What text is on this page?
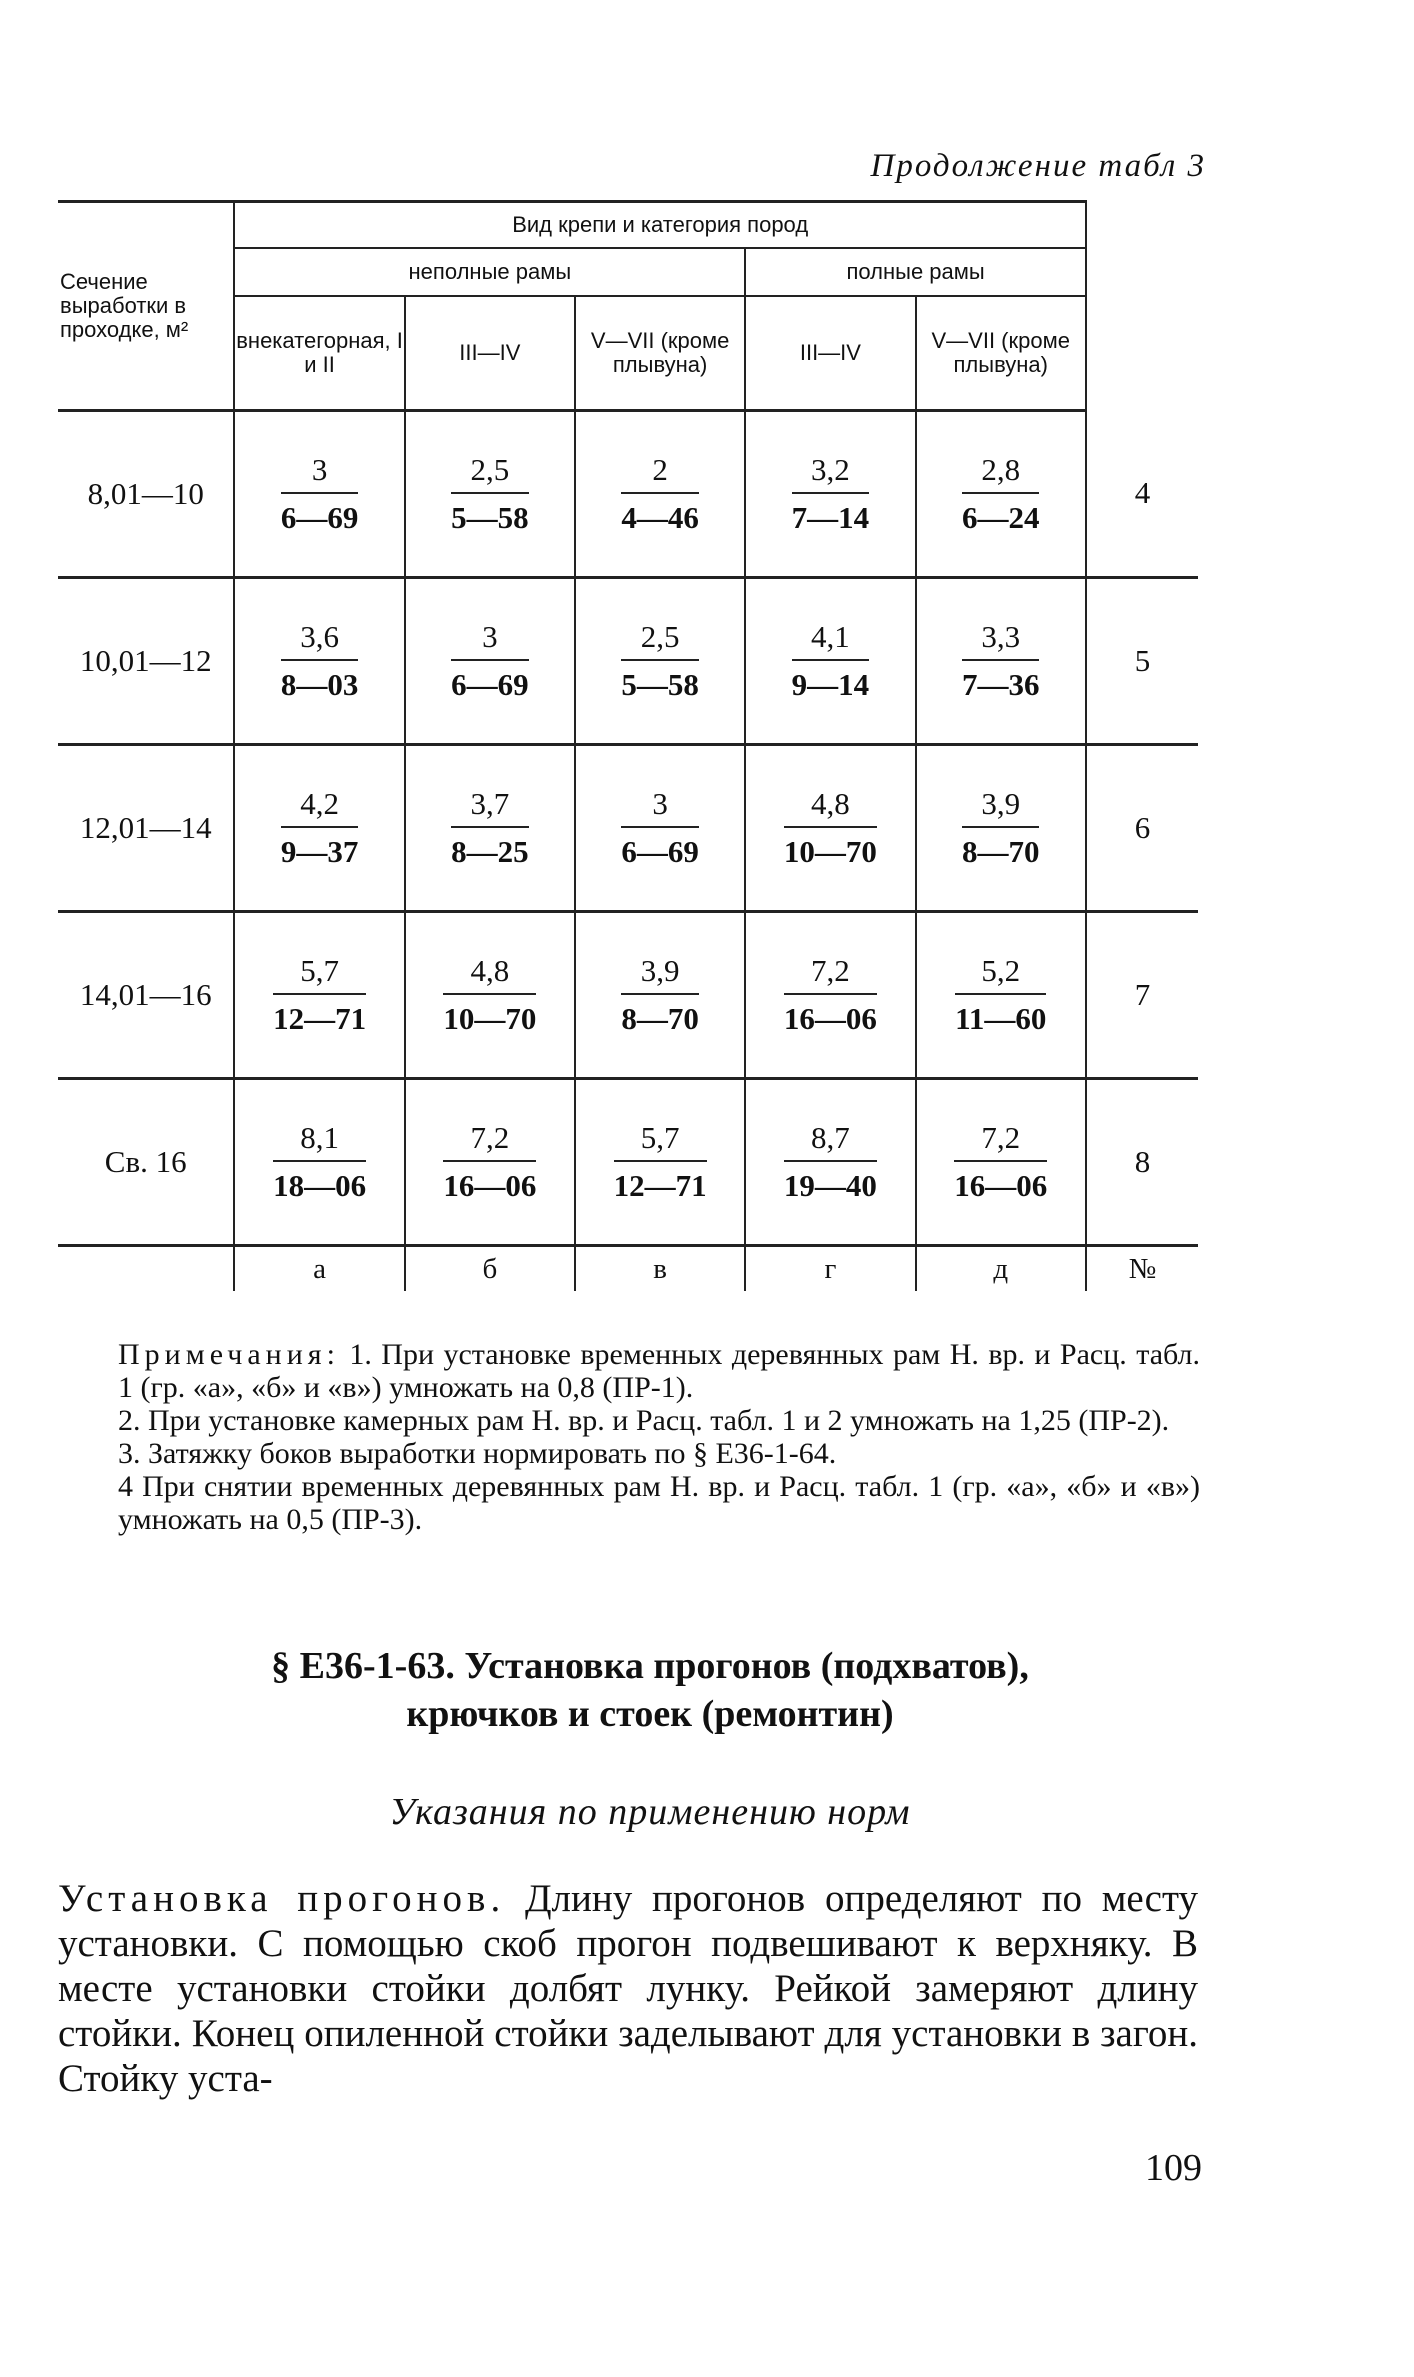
Продолжение табл 3
Сечение выработки в проходке, м²	Вид крепи и категория пород					
	неполные рамы			полные рамы		
	внекатегорная, I и II	III—IV	V—VII (кроме плывуна)	III—IV	V—VII (кроме плывуна)	
8,01—10	$\frac{3}{6—69}$	$\frac{2,5}{5—58}$	$\frac{2}{4—46}$	$\frac{3,2}{7—14}$	$\frac{2,8}{6—24}$	4
10,01—12	$\frac{3,6}{8—03}$	$\frac{3}{6—69}$	$\frac{2,5}{5—58}$	$\frac{4,1}{9—14}$	$\frac{3,3}{7—36}$	5
12,01—14	$\frac{4,2}{9—37}$	$\frac{3,7}{8—25}$	$\frac{3}{6—69}$	$\frac{4,8}{10—70}$	$\frac{3,9}{8—70}$	6
14,01—16	$\frac{5,7}{12—71}$	$\frac{4,8}{10—70}$	$\frac{3,9}{8—70}$	$\frac{7,2}{16—06}$	$\frac{5,2}{11—60}$	7
Св. 16	$\frac{8,1}{18—06}$	$\frac{7,2}{16—06}$	$\frac{5,7}{12—71}$	$\frac{8,7}{19—40}$	$\frac{7,2}{16—06}$	8
	а	б	в	г	д	№

Примечания: 1. При установке временных деревянных рам Н. вр. и Расц. табл. 1 (гр. «а», «б» и «в») умножать на 0,8 (ПР-1).

2. При установке камерных рам Н. вр. и Расц. табл. 1 и 2 умножать на 1,25 (ПР-2).

3. Затяжку боков выработки нормировать по § Е36-1-64.

4 При снятии временных деревянных рам Н. вр. и Расц. табл. 1 (гр. «а», «б» и «в») умножать на 0,5 (ПР-3).

§ Е36-1-63. Установка прогонов (подхватов),
крючков и стоек (ремонтин)
Указания по применению норм
Установка прогонов. Длину прогонов определяют по месту установки. С помощью скоб прогон подвешивают к верхняку. В месте установки стойки долбят лунку. Рейкой замеряют длину стойки. Конец опиленной стойки заделывают для установки в загон. Стойку уста-
109
